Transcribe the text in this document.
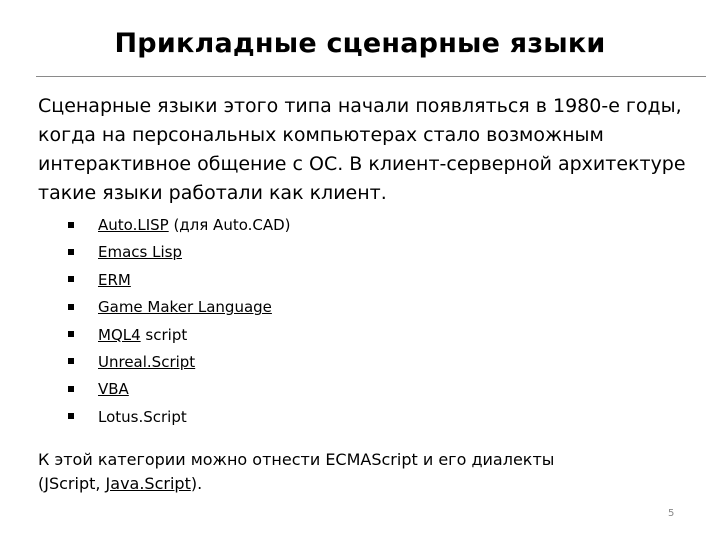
Прикладные сценарные языки
Сценарные языки этого типа начали появляться в 1980-е годы, когда на персональных компьютерах стало возможным интерактивное общение с ОС. В клиент-серверной архитектуре такие языки работали как клиент.
Auto.LISP (для Auto.CAD)
Emacs Lisp
ERM
Game Maker Language
MQL4 script
Unreal.Script
VBA
Lotus.Script
К этой категории можно отнести ECMAScript и его диалекты
(JScript, Java.Script).
5
